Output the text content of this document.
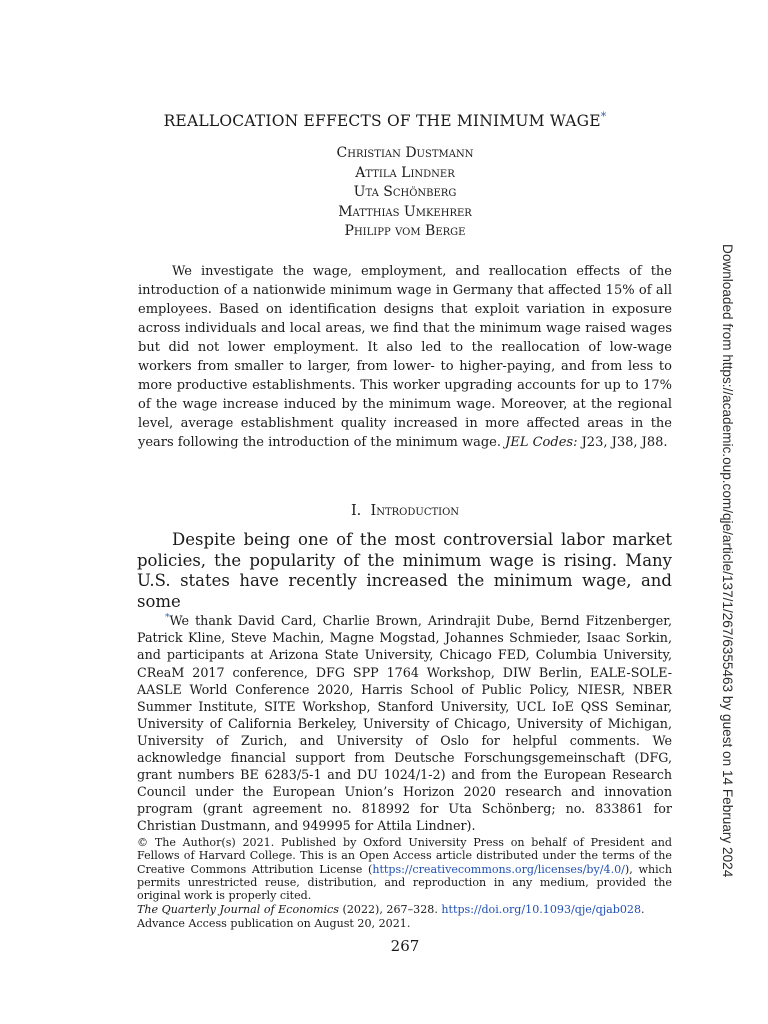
REALLOCATION EFFECTS OF THE MINIMUM WAGE*
Christian Dustmann
Attila Lindner
Uta Schönberg
Matthias Umkehrer
Philipp vom Berge

We investigate the wage, employment, and reallocation effects of the introduction of a nationwide minimum wage in Germany that affected 15% of all employees. Based on identification designs that exploit variation in exposure across individuals and local areas, we find that the minimum wage raised wages but did not lower employment. It also led to the reallocation of low-wage workers from smaller to larger, from lower- to higher-paying, and from less to more productive establishments. This worker upgrading accounts for up to 17% of the wage increase induced by the minimum wage. Moreover, at the regional level, average establishment quality increased in more affected areas in the years following the introduction of the minimum wage. JEL Codes: J23, J38, J88.

I. Introduction

Despite being one of the most controversial labor market policies, the popularity of the minimum wage is rising. Many U.S. states have recently increased the minimum wage, and some

*We thank David Card, Charlie Brown, Arindrajit Dube, Bernd Fitzenberger, Patrick Kline, Steve Machin, Magne Mogstad, Johannes Schmieder, Isaac Sorkin, and participants at Arizona State University, Chicago FED, Columbia University, CReaM 2017 conference, DFG SPP 1764 Workshop, DIW Berlin, EALE-SOLE-AASLE World Conference 2020, Harris School of Public Policy, NIESR, NBER Summer Institute, SITE Workshop, Stanford University, UCL IoE QSS Seminar, University of California Berkeley, University of Chicago, University of Michigan, University of Zurich, and University of Oslo for helpful comments. We acknowledge financial support from Deutsche Forschungsgemeinschaft (DFG, grant numbers BE 6283/5-1 and DU 1024/1-2) and from the European Research Council under the European Union’s Horizon 2020 research and innovation program (grant agreement no. 818992 for Uta Schönberg; no. 833861 for Christian Dustmann, and 949995 for Attila Lindner).

© The Author(s) 2021. Published by Oxford University Press on behalf of President and Fellows of Harvard College. This is an Open Access article distributed under the terms of the Creative Commons Attribution License (https://creativecommons.org/licenses/by/4.0/), which permits unrestricted reuse, distribution, and reproduction in any medium, provided the original work is properly cited.

The Quarterly Journal of Economics (2022), 267–328. https://doi.org/10.1093/qje/qjab028.

Advance Access publication on August 20, 2021.

267
Downloaded from https://academic.oup.com/qje/article/137/1/267/6355463 by guest on 14 February 2024
